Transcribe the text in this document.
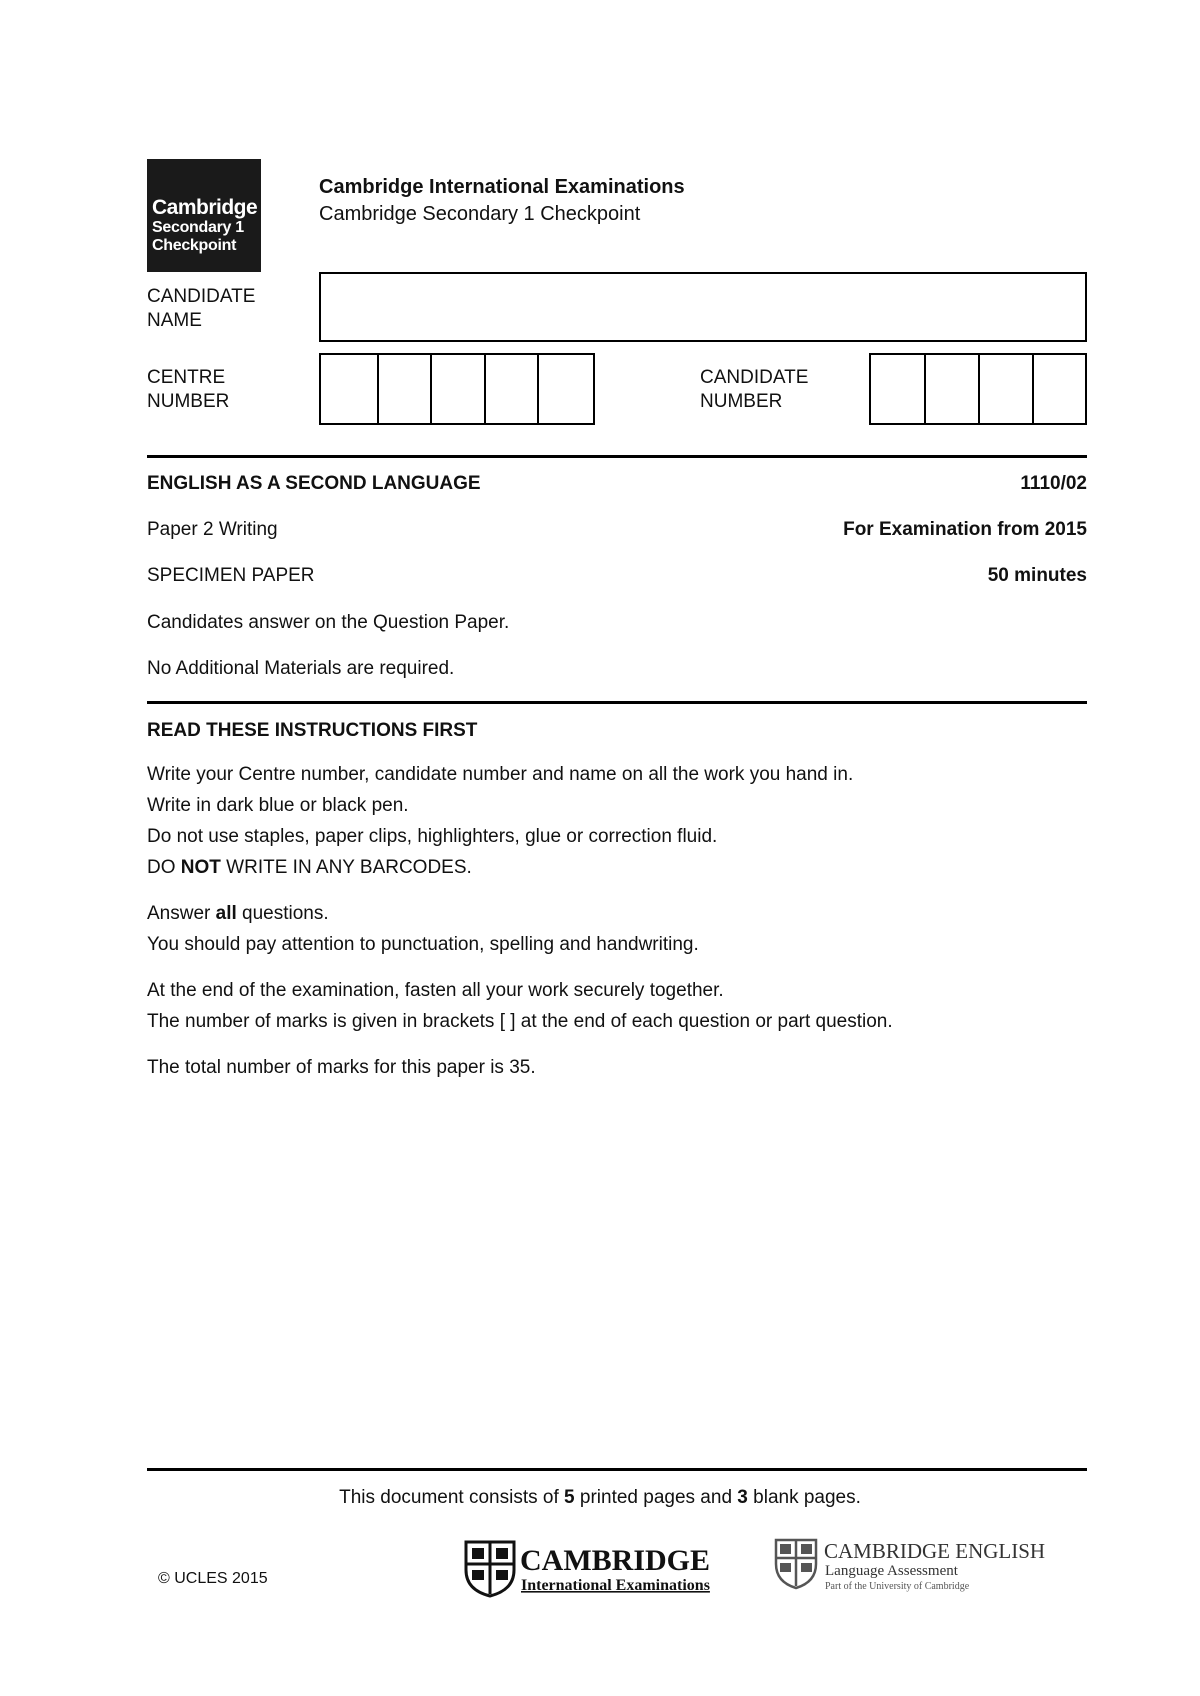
Cambridge
Secondary 1
Checkpoint
Cambridge International Examinations
Cambridge Secondary 1 Checkpoint
CANDIDATE
NAME
CENTRE
NUMBER
CANDIDATE
NUMBER
ENGLISH AS A SECOND LANGUAGE	1110/02
Paper 2 Writing	For Examination from 2015
SPECIMEN PAPER	50 minutes
Candidates answer on the Question Paper.
No Additional Materials are required.
READ THESE INSTRUCTIONS FIRST
Write your Centre number, candidate number and name on all the work you hand in.
Write in dark blue or black pen.
Do not use staples, paper clips, highlighters, glue or correction fluid.
DO NOT WRITE IN ANY BARCODES.
Answer all questions.
You should pay attention to punctuation, spelling and handwriting.
At the end of the examination, fasten all your work securely together.
The number of marks is given in brackets [ ] at the end of each question or part question.
The total number of marks for this paper is 35.
This document consists of 5 printed pages and 3 blank pages.
© UCLES 2015
CAMBRIDGE
International Examinations
CAMBRIDGE ENGLISH
Language Assessment
Part of the University of Cambridge
